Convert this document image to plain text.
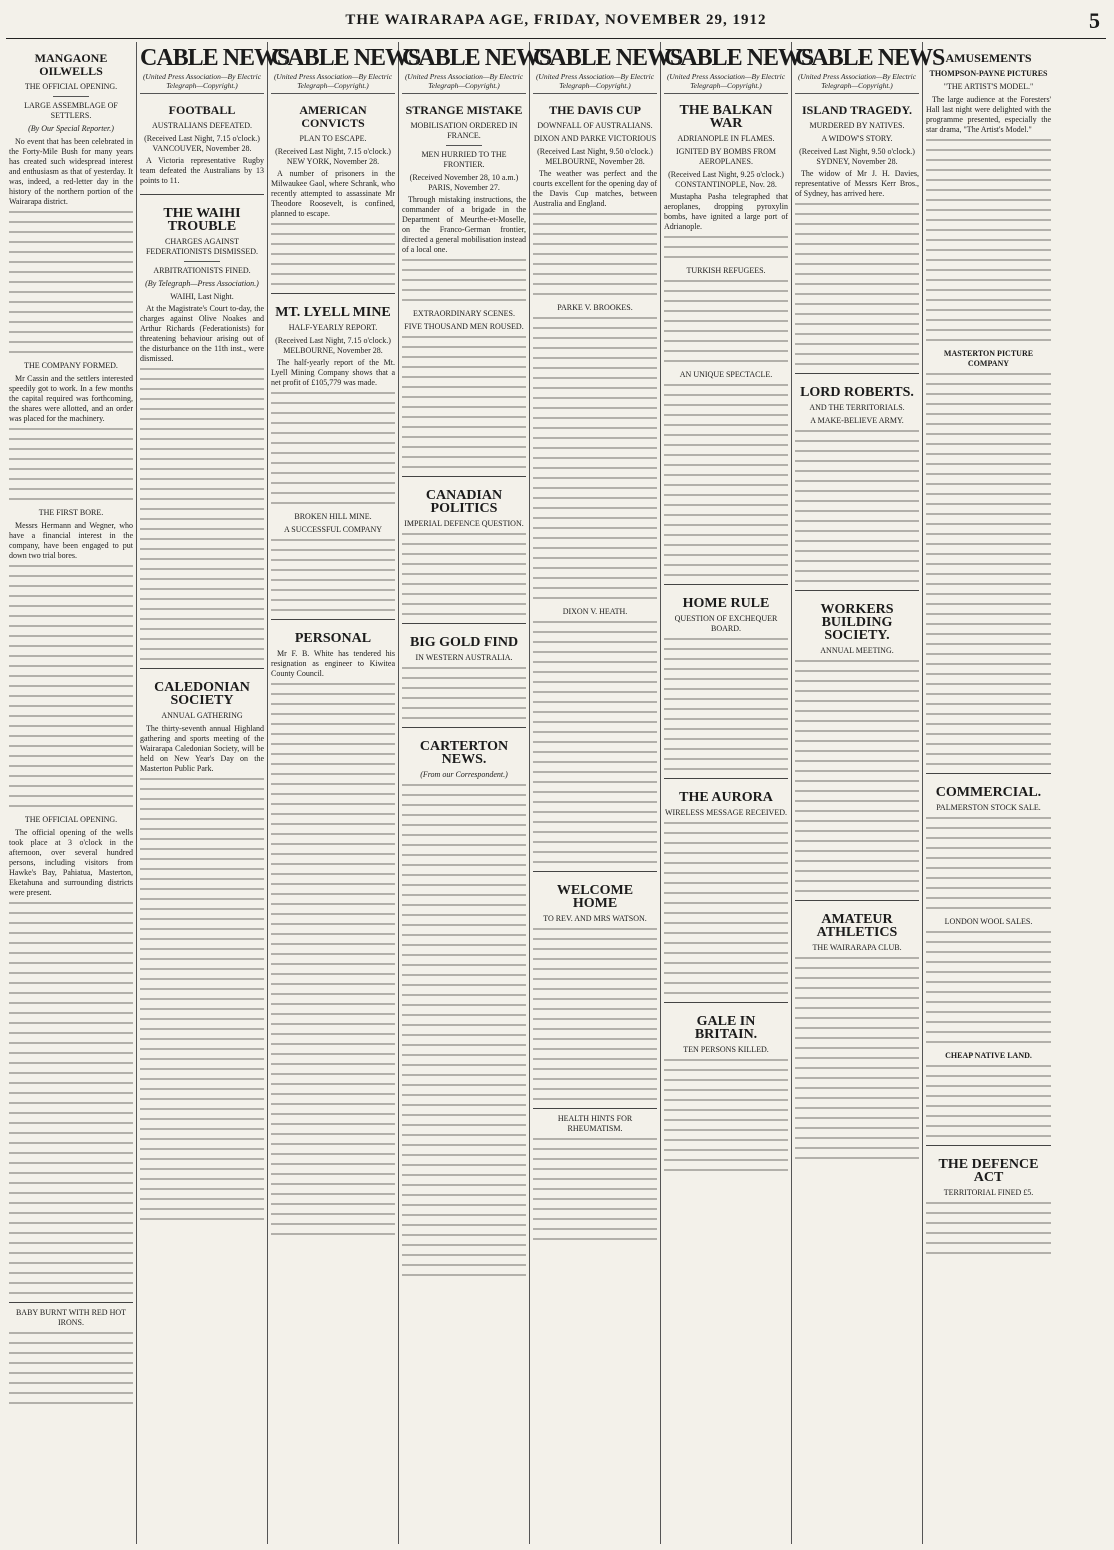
THE WAIRARAPA AGE, FRIDAY, NOVEMBER 29, 1912	5
MANGAONE OILWELLS
THE OFFICIAL OPENING.
LARGE ASSEMBLAGE OF SETTLERS.
(By Our Special Reporter.)

No event that has been celebrated in the Forty-Mile Bush for many years has created such widespread interest and enthusiasm as that of yesterday. It was, indeed, a red-letter day in the history of the northern portion of the Wairarapa district.

THE COMPANY FORMED.

Mr Cassin and the settlers interested speedily got to work. In a few months the capital required was forthcoming, the shares were allotted, and an order was placed for the machinery.

THE FIRST BORE.

Messrs Hermann and Wegner, who have a financial interest in the company, have been engaged to put down two trial bores.

THE OFFICIAL OPENING.

The official opening of the wells took place at 3 o'clock in the afternoon, over several hundred persons, including visitors from Hawke's Bay, Pahiatua, Masterton, Eketahuna and surrounding districts were present.

BABY BURNT WITH RED HOT IRONS.
CABLE NEWS
(United Press Association—By Electric Telegraph—Copyright.)
FOOTBALL
AUSTRALIANS DEFEATED.
(Received Last Night, 7.15 o'clock.) VANCOUVER, November 28.

A Victoria representative Rugby team defeated the Australians by 13 points to 11.

THE WAIHI TROUBLE
CHARGES AGAINST FEDERATIONISTS DISMISSED.
ARBITRATIONISTS FINED.
(By Telegraph—Press Association.)
WAIHI, Last Night.

At the Magistrate's Court to-day, the charges against Olive Noakes and Arthur Richards (Federationists) for threatening behaviour arising out of the disturbance on the 11th inst., were dismissed.

CALEDONIAN SOCIETY
ANNUAL GATHERING

The thirty-seventh annual Highland gathering and sports meeting of the Wairarapa Caledonian Society, will be held on New Year's Day on the Masterton Public Park.

CABLE NEWS
(United Press Association—By Electric Telegraph—Copyright.)
AMERICAN CONVICTS
PLAN TO ESCAPE.
(Received Last Night, 7.15 o'clock.) NEW YORK, November 28.

A number of prisoners in the Milwaukee Gaol, where Schrank, who recently attempted to assassinate Mr Theodore Roosevelt, is confined, planned to escape.

MT. LYELL MINE
HALF-YEARLY REPORT.
(Received Last Night, 7.15 o'clock.) MELBOURNE, November 28.

The half-yearly report of the Mt. Lyell Mining Company shows that a net profit of £105,779 was made.

BROKEN HILL MINE.
A SUCCESSFUL COMPANY
PERSONAL

Mr F. B. White has tendered his resignation as engineer to Kiwitea County Council.

CABLE NEWS
(United Press Association—By Electric Telegraph—Copyright.)
STRANGE MISTAKE
MOBILISATION ORDERED IN FRANCE.
MEN HURRIED TO THE FRONTIER.
(Received November 28, 10 a.m.) PARIS, November 27.

Through mistaking instructions, the commander of a brigade in the Department of Meurthe-et-Moselle, on the Franco-German frontier, directed a general mobilisation instead of a local one.

EXTRAORDINARY SCENES.
FIVE THOUSAND MEN ROUSED.
CANADIAN POLITICS
IMPERIAL DEFENCE QUESTION.
BIG GOLD FIND
IN WESTERN AUSTRALIA.
CARTERTON NEWS.
(From our Correspondent.)
CABLE NEWS
(United Press Association—By Electric Telegraph—Copyright.)
THE DAVIS CUP
DOWNFALL OF AUSTRALIANS.
DIXON AND PARKE VICTORIOUS
(Received Last Night, 9.50 o'clock.) MELBOURNE, November 28.

The weather was perfect and the courts excellent for the opening day of the Davis Cup matches, between Australia and England.

PARKE V. BROOKES.
DIXON V. HEATH.
WELCOME HOME
TO REV. AND MRS WATSON.
HEALTH HINTS FOR RHEUMATISM.
CABLE NEWS
(United Press Association—By Electric Telegraph—Copyright.)
THE BALKAN WAR
ADRIANOPLE IN FLAMES.
IGNITED BY BOMBS FROM AEROPLANES.
(Received Last Night, 9.25 o'clock.) CONSTANTINOPLE, Nov. 28.

Mustapha Pasha telegraphed that aeroplanes, dropping pyroxylin bombs, have ignited a large port of Adrianople.

TURKISH REFUGEES.
AN UNIQUE SPECTACLE.
HOME RULE
QUESTION OF EXCHEQUER BOARD.
THE AURORA
WIRELESS MESSAGE RECEIVED.
GALE IN BRITAIN.
TEN PERSONS KILLED.
CABLE NEWS
(United Press Association—By Electric Telegraph—Copyright.)
ISLAND TRAGEDY.
MURDERED BY NATIVES.
A WIDOW'S STORY.
(Received Last Night, 9.50 o'clock.) SYDNEY, November 28.

The widow of Mr J. H. Davies, representative of Messrs Kerr Bros., of Sydney, has arrived here.

LORD ROBERTS.
AND THE TERRITORIALS.
A MAKE-BELIEVE ARMY.
WORKERS BUILDING SOCIETY.
ANNUAL MEETING.
AMATEUR ATHLETICS
THE WAIRARAPA CLUB.
AMUSEMENTS
THOMPSON-PAYNE PICTURES
"THE ARTIST'S MODEL."

The large audience at the Foresters' Hall last night were delighted with the programme presented, especially the star drama, "The Artist's Model."

MASTERTON PICTURE COMPANY
COMMERCIAL.
PALMERSTON STOCK SALE.
LONDON WOOL SALES.
CHEAP NATIVE LAND.
THE DEFENCE ACT
TERRITORIAL FINED £5.
